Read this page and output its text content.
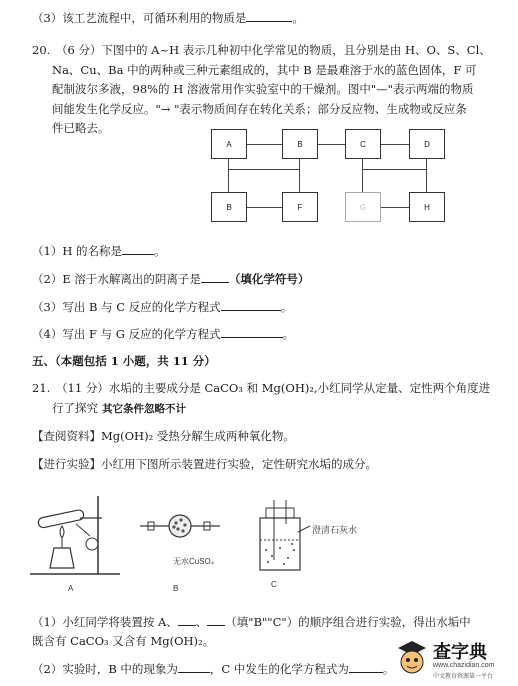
（3）该工艺流程中，可循环利用的物质是	。
20.　（6 分）下图中的 A~H 表示几种初中化学常见的物质，且分别是由 H、O、S、Cl、
Na、Cu、Ba 中的两种或三种元素组成的，其中 B 是最难溶于水的蓝色固体，F 可
配制波尔多液，98%的 H 溶液常用作实验室中的干燥剂。图中"—"表示两端的物质
间能发生化学反应。"→ "表示物质间存在转化关系；部分反应物、生成物或反应条
件已略去。
A	B	C	D
B	F	G	H
（1）H 的名称是	。
（2）E 溶于水解离出的阴离子是 （填化学符号）
（3）写出 B 与 C 反应的化学方程式	。
（4）写出 F 与 G 反应的化学方程式	。
五、（本题包括 1 小题，共 11 分）
21.　（11 分）水垢的主要成分是 CaCO₃ 和 Mg(OH)₂,小红同学从定量、定性两个角度进
行了探究 其它条件忽略不计
【查阅资料】Mg(OH)₂ 受热分解生成两种氧化物。
【进行实验】小红用下图所示装置进行实验，定性研究水垢的成分。
无水CuSO₄
澄清石灰水
A	B	C
（1）小红同学将装置按 A、 、 （填"B""C"）的顺序组合进行实验，得出水垢中
既含有 CaCO₃ 又含有 Mg(OH)₂。
（2）实验时，B 中的现象为	，C 中发生的化学方程式为	。
查字典
www.chazidian.com
中文教育资源第一平台
